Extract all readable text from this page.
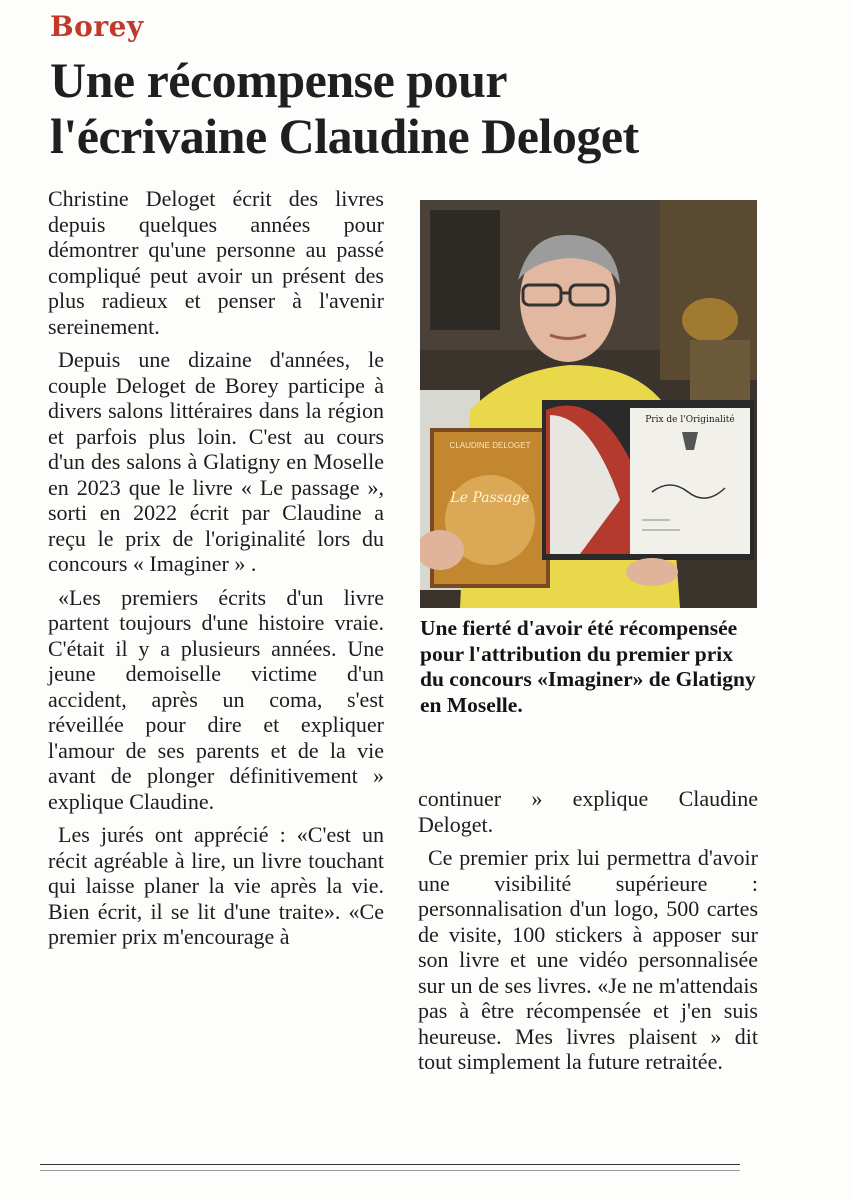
Borey
Une récompense pour
l'écrivaine Claudine Deloget

Christine Deloget écrit des livres depuis quelques années pour démontrer qu'une personne au passé compliqué peut avoir un présent des plus radieux et penser à l'avenir sereinement.

Depuis une dizaine d'années, le couple Deloget de Borey participe à divers salons littéraires dans la région et parfois plus loin. C'est au cours d'un des salons à Glatigny en Moselle en 2023 que le livre « Le passage », sorti en 2022 écrit par Claudine a reçu le prix de l'originalité lors du concours « Imaginer » .

«Les premiers écrits d'un livre partent toujours d'une histoire vraie. C'était il y a plusieurs années. Une jeune demoiselle victime d'un accident, après un coma, s'est réveillée pour dire et expliquer l'amour de ses parents et de la vie avant de plonger définitivement » explique Claudine.

Les jurés ont apprécié : «C'est un récit agréable à lire, un livre touchant qui laisse planer la vie après la vie. Bien écrit, il se lit d'une traite». «Ce premier prix m'encourage à

CLAUDINE DELOGET
Le Passage
Prix de l'Originalité
Une fierté d'avoir été récompensée pour l'attribution du premier prix du concours «Imaginer» de Glatigny en Moselle.

continuer » explique Claudine Deloget.

Ce premier prix lui permettra d'avoir une visibilité supérieure : personnalisation d'un logo, 500 cartes de visite, 100 stickers à apposer sur son livre et une vidéo personnalisée sur un de ses livres. «Je ne m'attendais pas à être récompensée et j'en suis heureuse. Mes livres plaisent » dit tout simplement la future retraitée.
